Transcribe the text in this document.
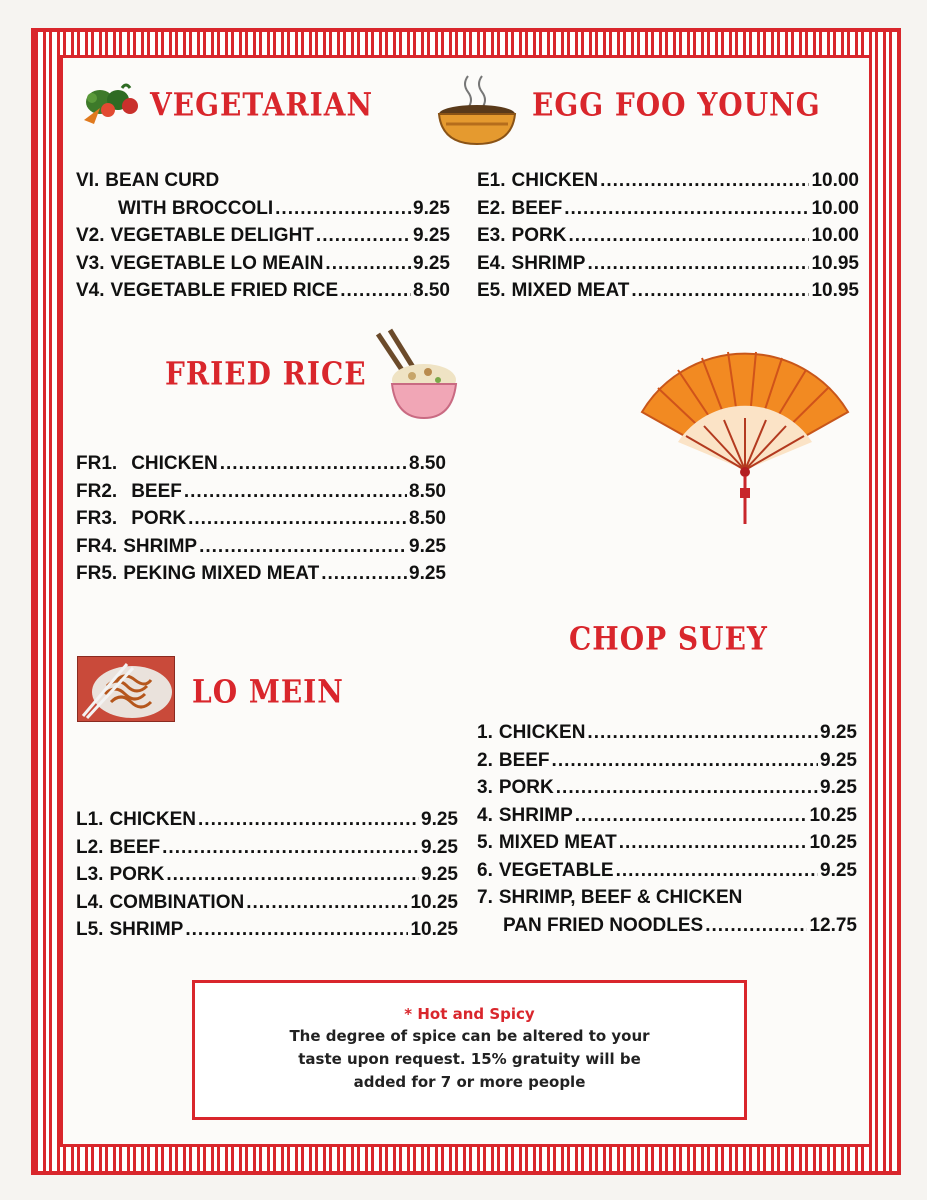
VEGETARIAN
VI. BEAN CURD
WITH BROCCOLI .....	9.25
V2. VEGETABLE DELIGHT .....	9.25
V3. VEGETABLE LO MEAIN .....	9.25
V4. VEGETABLE FRIED RICE .....	8.50
EGG FOO YOUNG
E1. CHICKEN .....	10.00
E2. BEEF .....	10.00
E3. PORK .....	10.00
E4. SHRIMP .....	10.95
E5. MIXED MEAT .....	10.95
FRIED RICE
FR1. CHICKEN .....	8.50
FR2. BEEF .....	8.50
FR3. PORK .....	8.50
FR4. SHRIMP .....	9.25
FR5. PEKING MIXED MEAT .....	9.25
CHOP SUEY
1. CHICKEN .....	9.25
2. BEEF .....	9.25
3. PORK .....	9.25
4. SHRIMP .....	10.25
5. MIXED MEAT .....	10.25
6. VEGETABLE .....	9.25
7. SHRIMP, BEEF & CHICKEN
PAN FRIED NOODLES .....	12.75
LO MEIN
L1. CHICKEN .....	9.25
L2. BEEF .....	9.25
L3. PORK .....	9.25
L4. COMBINATION .....	10.25
L5. SHRIMP .....	10.25
* Hot and Spicy
The degree of spice can be altered to your
taste upon request. 15% gratuity will be
added for 7 or more people
